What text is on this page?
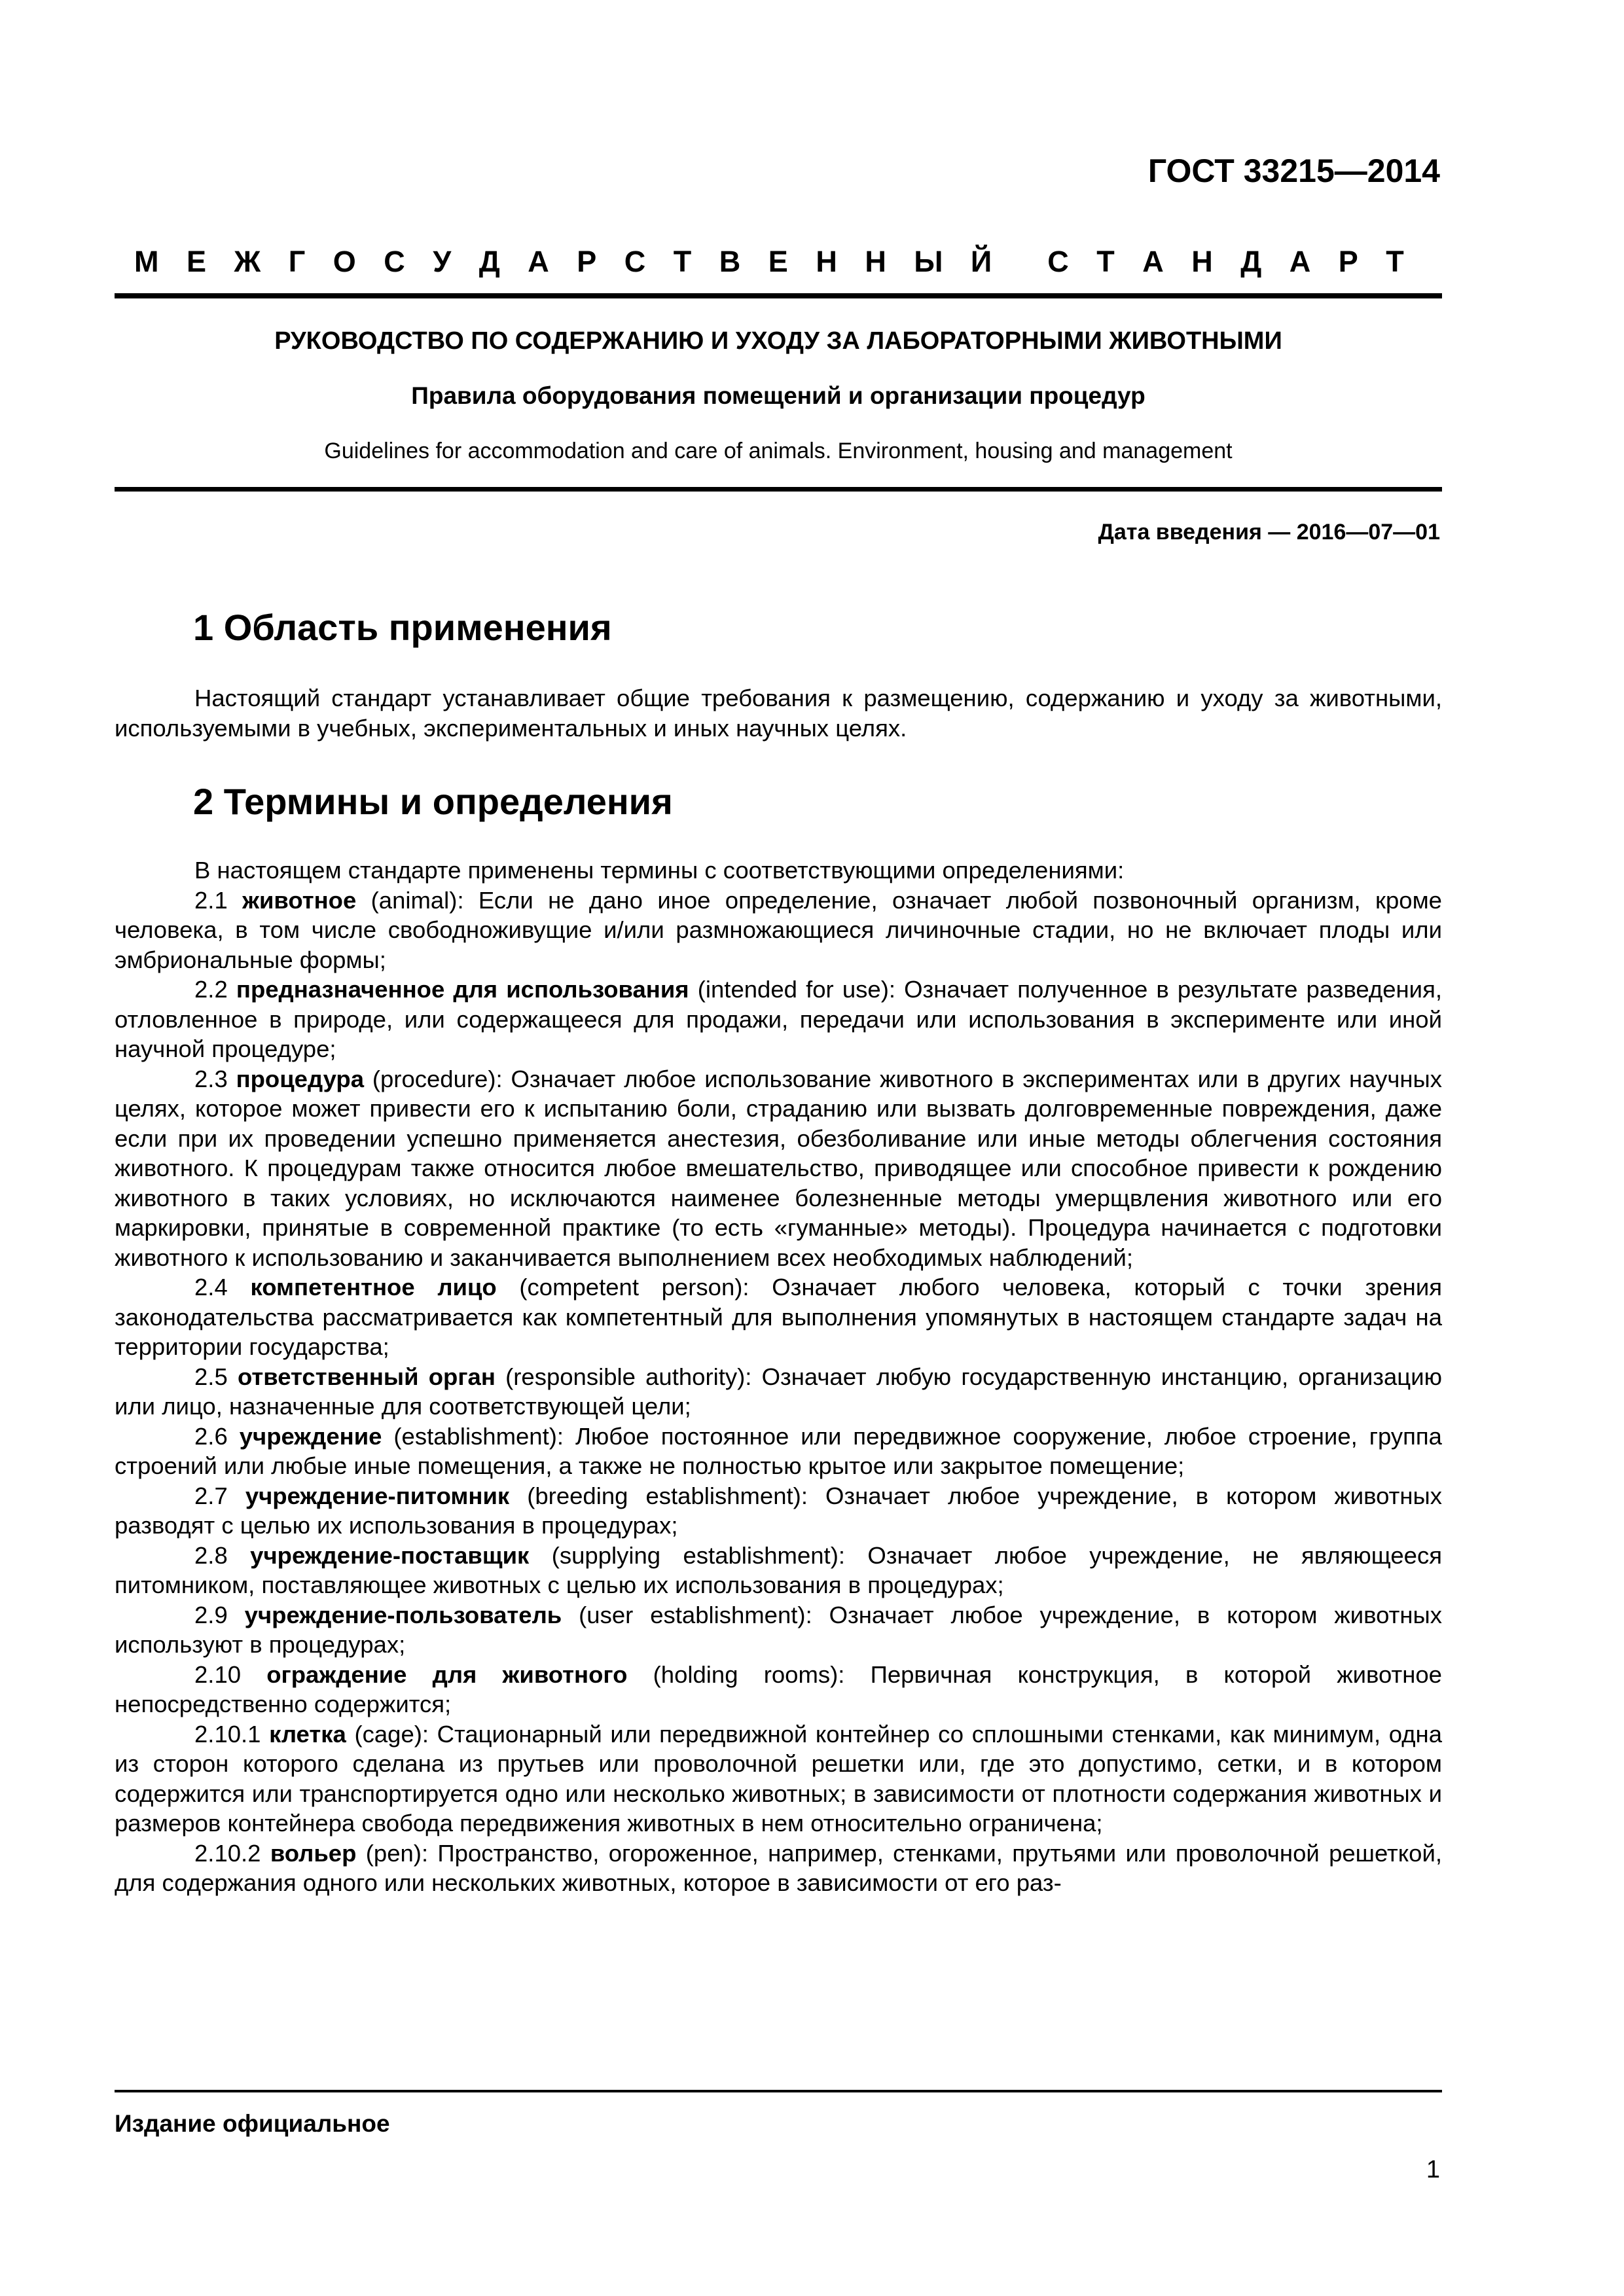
ГОСТ 33215—2014
М Е Ж Г О С У Д А Р С Т В Е Н Н Ы Й С Т А Н Д А Р Т
РУКОВОДСТВО ПО СОДЕРЖАНИЮ И УХОДУ ЗА ЛАБОРАТОРНЫМИ ЖИВОТНЫМИ
Правила оборудования помещений и организации процедур
Guidelines for accommodation and care of animals. Environment, housing and management
Дата введения — 2016—07—01
1 Область применения

Настоящий стандарт устанавливает общие требования к размещению, содержанию и уходу за животными, используемыми в учебных, экспериментальных и иных научных целях.

2 Термины и определения

В настоящем стандарте применены термины с соответствующими определениями:

2.1 животное (animal): Если не дано иное определение, означает любой позвоночный организм, кроме человека, в том числе свободноживущие и/или размножающиеся личиночные стадии, но не включает плоды или эмбриональные формы;

2.2 предназначенное для использования (intended for use): Означает полученное в результате разведения, отловленное в природе, или содержащееся для продажи, передачи или использования в эксперименте или иной научной процедуре;

2.3 процедура (procedure): Означает любое использование животного в экспериментах или в других научных целях, которое может привести его к испытанию боли, страданию или вызвать долговременные повреждения, даже если при их проведении успешно применяется анестезия, обезболивание или иные методы облегчения состояния животного. К процедурам также относится любое вмешательство, приводящее или способное привести к рождению животного в таких условиях, но исключаются наименее болезненные методы умерщвления животного или его маркировки, принятые в современной практике (то есть «гуманные» методы). Процедура начинается с подготовки животного к использованию и заканчивается выполнением всех необходимых наблюдений;

2.4 компетентное лицо (competent person): Означает любого человека, который с точки зрения законодательства рассматривается как компетентный для выполнения упомянутых в настоящем стандарте задач на территории государства;

2.5 ответственный орган (responsible authority): Означает любую государственную инстанцию, организацию или лицо, назначенные для соответствующей цели;

2.6 учреждение (establishment): Любое постоянное или передвижное сооружение, любое строение, группа строений или любые иные помещения, а также не полностью крытое или закрытое помещение;

2.7 учреждение-питомник (breeding establishment): Означает любое учреждение, в котором животных разводят с целью их использования в процедурах;

2.8 учреждение-поставщик (supplying establishment): Означает любое учреждение, не являющееся питомником, поставляющее животных с целью их использования в процедурах;

2.9 учреждение-пользователь (user establishment): Означает любое учреждение, в котором животных используют в процедурах;

2.10 ограждение для животного (holding rooms): Первичная конструкция, в которой животное непосредственно содержится;

2.10.1 клетка (cage): Стационарный или передвижной контейнер со сплошными стенками, как минимум, одна из сторон которого сделана из прутьев или проволочной решетки или, где это допустимо, сетки, и в котором содержится или транспортируется одно или несколько животных; в зависимости от плотности содержания животных и размеров контейнера свобода передвижения животных в нем относительно ограничена;

2.10.2 вольер (pen): Пространство, огороженное, например, стенками, прутьями или проволочной решеткой, для содержания одного или нескольких животных, которое в зависимости от его раз-

Издание официальное
1
